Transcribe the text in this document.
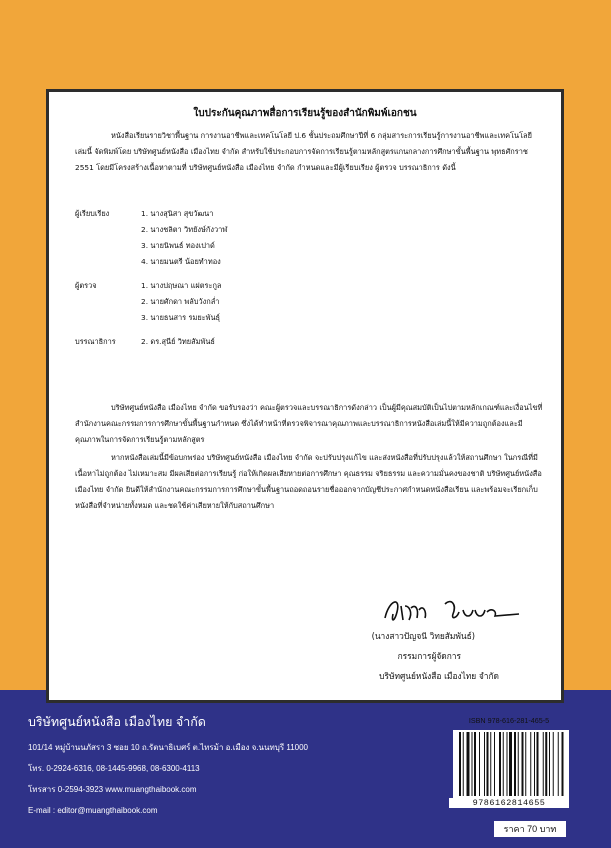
ใบประกันคุณภาพสื่อการเรียนรู้ของสำนักพิมพ์เอกชน

หนังสือเรียนรายวิชาพื้นฐาน การงานอาชีพและเทคโนโลยี ป.6 ชั้นประถมศึกษาปีที่ 6 กลุ่มสาระการเรียนรู้การงานอาชีพและเทคโนโลยี เล่มนี้ จัดพิมพ์โดย บริษัทศูนย์หนังสือ เมืองไทย จำกัด สำหรับใช้ประกอบการจัดการเรียนรู้ตามหลักสูตรแกนกลางการศึกษาขั้นพื้นฐาน พุทธศักราช 2551 โดยมีโครงสร้างเนื้อหาตามที่ บริษัทศูนย์หนังสือ เมืองไทย จำกัด กำหนดและมีผู้เรียบเรียง ผู้ตรวจ บรรณาธิการ ดังนี้

ผู้เรียบเรียง	1. นางสุนิสา สุขวัฒนา
2. นางชลิตา วิทยังษ์กังวาฬ
3. นายนิพนธ์ ทองเปาด์
4. นายมนตรี น้อยทำทอง
ผู้ตรวจ	1. นางปฤษณา แผ่ตระกูล
2. นายศักดา พลับวังกล่ำ
3. นายธนสาร รมยะพันธุ์
บรรณาธิการ	2. ดร.สุนีย์ วิทยสัมพันธ์

บริษัทศูนย์หนังสือ เมืองไทย จำกัด ขอรับรองว่า คณะผู้ตรวจและบรรณาธิการดังกล่าว เป็นผู้มีคุณสมบัติเป็นไปตามหลักเกณฑ์และเงื่อนไขที่สำนักงานคณะกรรมการการศึกษาขั้นพื้นฐานกำหนด ซึ่งได้ทำหน้าที่ตรวจพิจารณาคุณภาพและบรรณาธิการหนังสือเล่มนี้ให้มีความถูกต้องและมีคุณภาพในการจัดการเรียนรู้ตามหลักสูตร

หากหนังสือเล่มนี้มีข้อบกพร่อง บริษัทศูนย์หนังสือ เมืองไทย จำกัด จะปรับปรุงแก้ไข และส่งหนังสือที่ปรับปรุงแล้วให้สถานศึกษา ในกรณีที่มีเนื้อหาไม่ถูกต้อง ไม่เหมาะสม มีผลเสียต่อการเรียนรู้ ก่อให้เกิดผลเสียหายต่อการศึกษา คุณธรรม จริยธรรม และความมั่นคงของชาติ บริษัทศูนย์หนังสือ เมืองไทย จำกัด ยินดีให้สำนักงานคณะกรรมการการศึกษาขั้นพื้นฐานถอดถอนรายชื่อออกจากบัญชีประกาศกำหนดหนังสือเรียน และพร้อมจะเรียกเก็บหนังสือที่จำหน่ายทั้งหมด และชดใช้ค่าเสียหายให้กับสถานศึกษา

(นางสาวปัญจนี วิทยสัมพันธ์)
กรรมการผู้จัดการ
บริษัทศูนย์หนังสือ เมืองไทย จำกัด
บริษัทศูนย์หนังสือ เมืองไทย จำกัด
101/14 หมู่บ้านนภัสรา 3 ซอย 10 ถ.รัตนาธิเบศร์ ต.ไทรม้า อ.เมือง จ.นนทบุรี 11000
โทร. 0-2924-6316, 08-1445-9968, 08-6300-4113
โทรสาร 0-2594-3923 www.muangthaibook.com
E-mail : editor@muangthaibook.com
ISBN 978-616-281-465-5
9786162814655
ราคา 70 บาท
